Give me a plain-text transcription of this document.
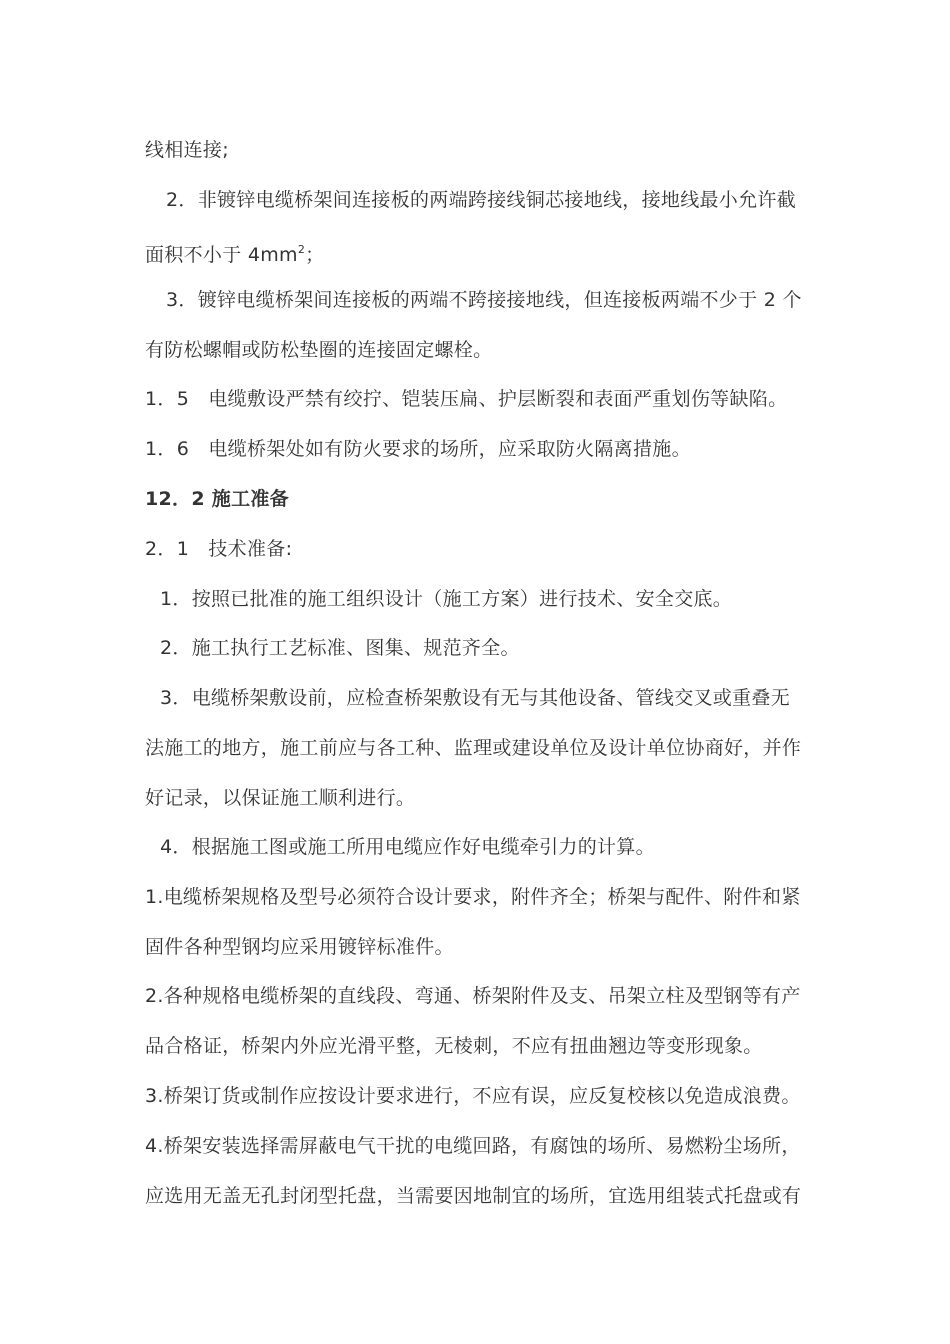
线相连接;
2．非镀锌电缆桥架间连接板的两端跨接线铜芯接地线，接地线最小允许截
面积不小于 $4mm^2$；
3．镀锌电缆桥架间连接板的两端不跨接接地线，但连接板两端不少于 2 个
有防松螺帽或防松垫圈的连接固定螺栓。
1．5　电缆敷设严禁有绞拧、铠装压扁、护层断裂和表面严重划伤等缺陷。
1．6　电缆桥架处如有防火要求的场所，应采取防火隔离措施。
12．2 施工准备
2．1　技术准备:
1．按照已批准的施工组织设计（施工方案）进行技术、安全交底。
2．施工执行工艺标准、图集、规范齐全。
3．电缆桥架敷设前，应检查桥架敷设有无与其他设备、管线交叉或重叠无
法施工的地方，施工前应与各工种、监理或建设单位及设计单位协商好，并作
好记录，以保证施工顺利进行。
4．根据施工图或施工所用电缆应作好电缆牵引力的计算。
1.电缆桥架规格及型号必须符合设计要求，附件齐全；桥架与配件、附件和紧
固件各种型钢均应采用镀锌标准件。
2.各种规格电缆桥架的直线段、弯通、桥架附件及支、吊架立柱及型钢等有产
品合格证，桥架内外应光滑平整，无棱刺，不应有扭曲翘边等变形现象。
3.桥架订货或制作应按设计要求进行，不应有误，应反复校核以免造成浪费。
4.桥架安装选择需屏蔽电气干扰的电缆回路，有腐蚀的场所、易燃粉尘场所，
应选用无盖无孔封闭型托盘，当需要因地制宜的场所，宜选用组装式托盘或有
